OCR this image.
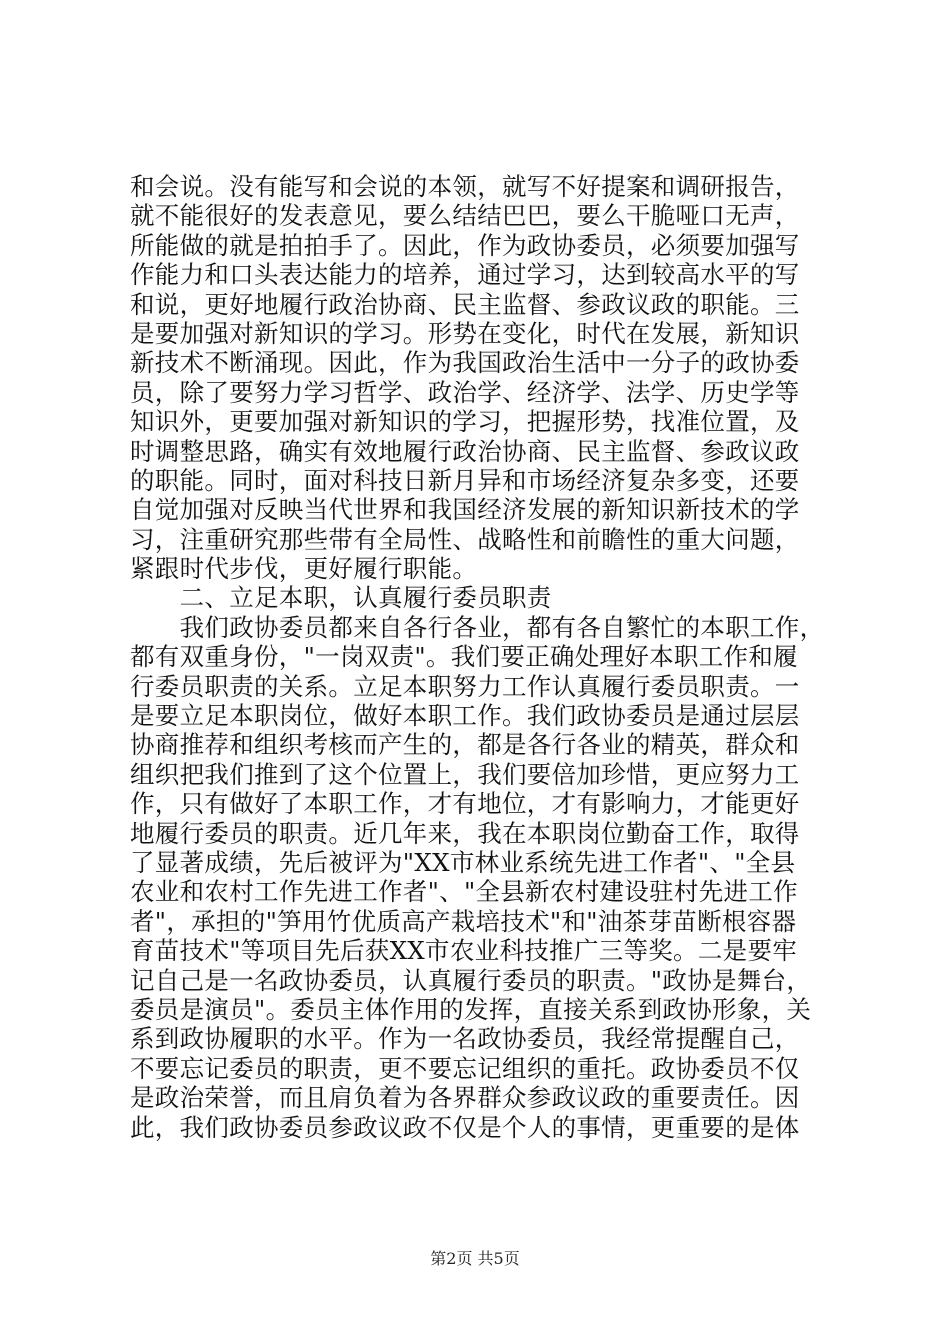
和会说。没有能写和会说的本领，就写不好提案和调研报告，
就不能很好的发表意见，要么结结巴巴，要么干脆哑口无声，
所能做的就是拍拍手了。因此，作为政协委员，必须要加强写
作能力和口头表达能力的培养，通过学习，达到较高水平的写
和说，更好地履行政治协商、民主监督、参政议政的职能。三
是要加强对新知识的学习。形势在变化，时代在发展，新知识
新技术不断涌现。因此，作为我国政治生活中一分子的政协委
员，除了要努力学习哲学、政治学、经济学、法学、历史学等
知识外，更要加强对新知识的学习，把握形势，找准位置，及
时调整思路，确实有效地履行政治协商、民主监督、参政议政
的职能。同时，面对科技日新月异和市场经济复杂多变，还要
自觉加强对反映当代世界和我国经济发展的新知识新技术的学
习，注重研究那些带有全局性、战略性和前瞻性的重大问题，
紧跟时代步伐，更好履行职能。
　　二、立足本职，认真履行委员职责
　　我们政协委员都来自各行各业，都有各自繁忙的本职工作，
都有双重身份，"一岗双责"。我们要正确处理好本职工作和履
行委员职责的关系。立足本职努力工作认真履行委员职责。一
是要立足本职岗位，做好本职工作。我们政协委员是通过层层
协商推荐和组织考核而产生的，都是各行各业的精英，群众和
组织把我们推到了这个位置上，我们要倍加珍惜，更应努力工
作，只有做好了本职工作，才有地位，才有影响力，才能更好
地履行委员的职责。近几年来，我在本职岗位勤奋工作，取得
了显著成绩，先后被评为"XX市林业系统先进工作者"、"全县
农业和农村工作先进工作者"、"全县新农村建设驻村先进工作
者"，承担的"笋用竹优质高产栽培技术"和"油茶芽苗断根容器
育苗技术"等项目先后获XX市农业科技推广三等奖。二是要牢
记自己是一名政协委员，认真履行委员的职责。"政协是舞台，
委员是演员"。委员主体作用的发挥，直接关系到政协形象，关
系到政协履职的水平。作为一名政协委员，我经常提醒自己，
不要忘记委员的职责，更不要忘记组织的重托。政协委员不仅
是政治荣誉，而且肩负着为各界群众参政议政的重要责任。因
此，我们政协委员参政议政不仅是个人的事情，更重要的是体
第2页 共5页
